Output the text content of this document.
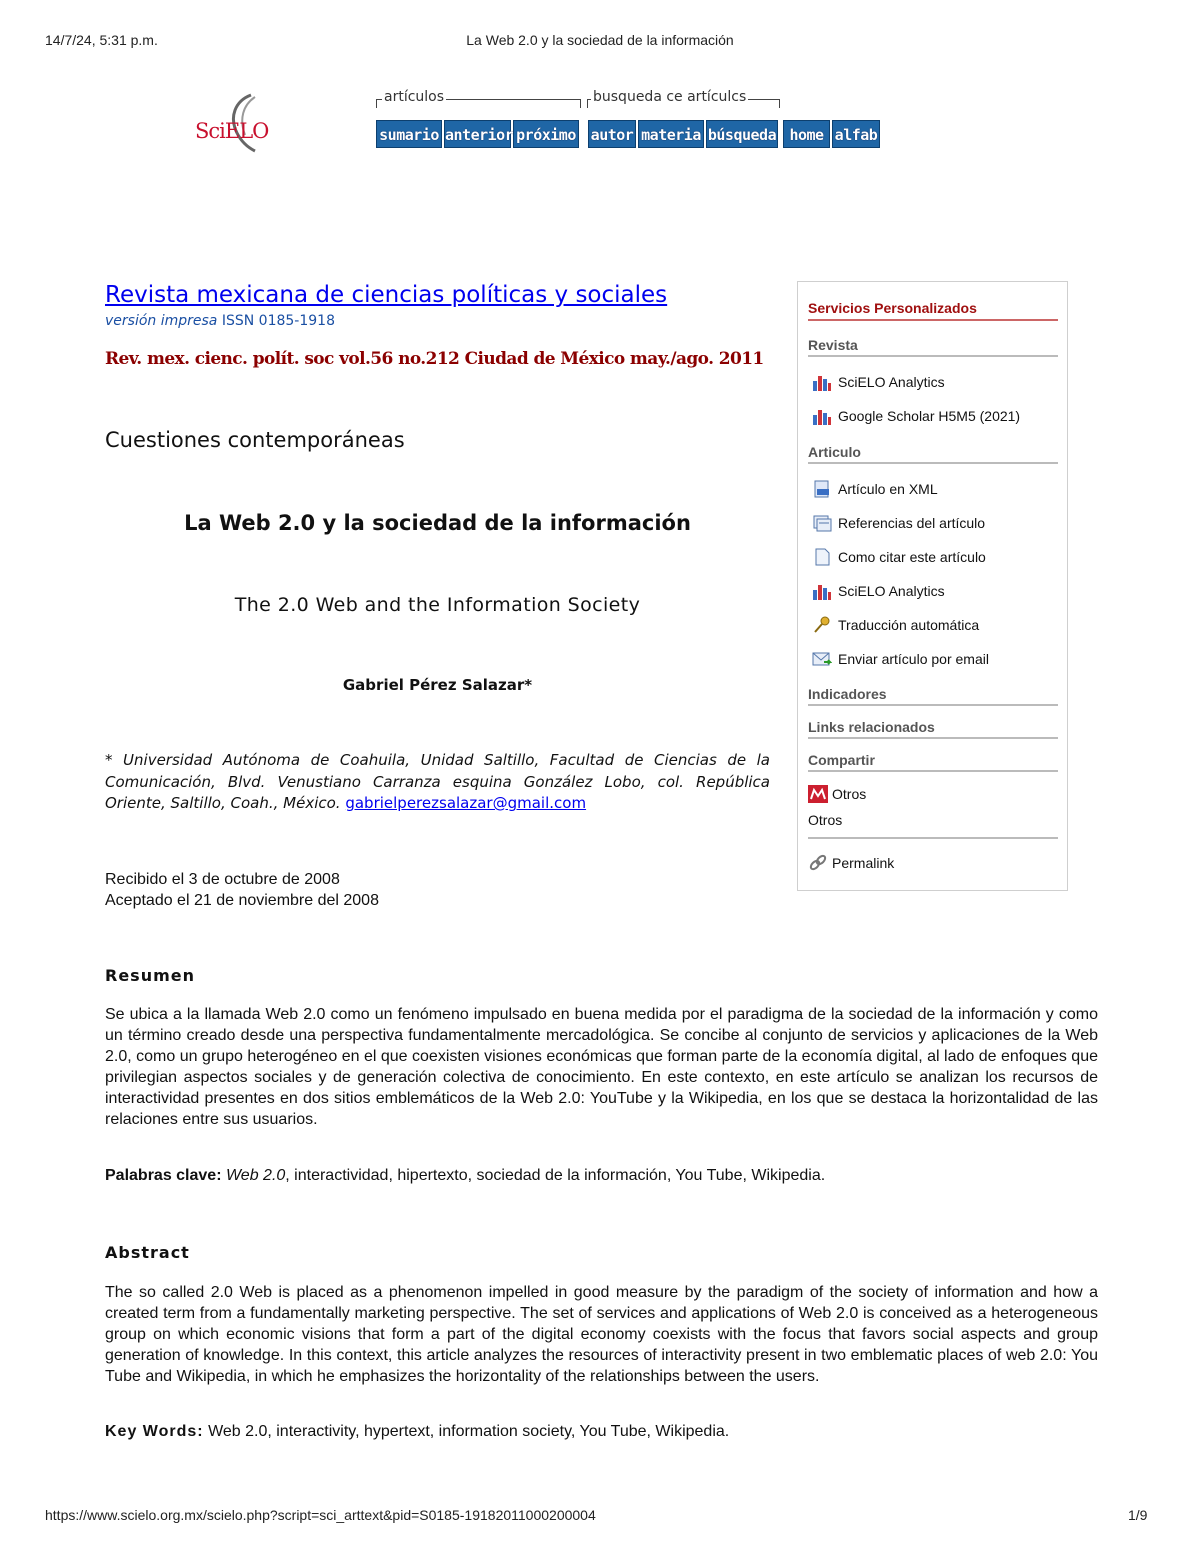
14/7/24, 5:31 p.m.	La Web 2.0 y la sociedad de la información
SciELO
artículos	busqueda ce artículcs
sumario anterior próximo autor materia búsqueda home alfab
Revista mexicana de ciencias políticas y sociales
versión impresa ISSN 0185-1918
Rev. mex. cienc. polít. soc vol.56 no.212 Ciudad de México may./ago. 2011
Cuestiones contemporáneas
La Web 2.0 y la sociedad de la información
The 2.0 Web and the Information Society
Gabriel Pérez Salazar*
* Universidad Autónoma de Coahuila, Unidad Saltillo, Facultad de Ciencias de la Comunicación, Blvd. Venustiano Carranza esquina González Lobo, col. República Oriente, Saltillo, Coah., México. gabrielperezsalazar@gmail.com
Recibido el 3 de octubre de 2008
Aceptado el 21 de noviembre del 2008
Resumen

Se ubica a la llamada Web 2.0 como un fenómeno impulsado en buena medida por el paradigma de la sociedad de la información y como un término creado desde una perspectiva fundamentalmente mercadológica. Se concibe al conjunto de servicios y aplicaciones de la Web 2.0, como un grupo heterogéneo en el que coexisten visiones económicas que forman parte de la economía digital, al lado de enfoques que privilegian aspectos sociales y de generación colectiva de conocimiento. En este contexto, en este artículo se analizan los recursos de interactividad presentes en dos sitios emblemáticos de la Web 2.0: YouTube y la Wikipedia, en los que se destaca la horizontalidad de las relaciones entre sus usuarios.

Palabras clave: Web 2.0, interactividad, hipertexto, sociedad de la información, You Tube, Wikipedia.
Abstract

The so called 2.0 Web is placed as a phenomenon impelled in good measure by the paradigm of the society of information and how a created term from a fundamentally marketing perspective. The set of services and applications of Web 2.0 is conceived as a heterogeneous group on which economic visions that form a part of the digital economy coexists with the focus that favors social aspects and group generation of knowledge. In this context, this article analyzes the resources of interactivity present in two emblematic places of web 2.0: You Tube and Wikipedia, in which he emphasizes the horizontality of the relationships between the users.

Key Words: Web 2.0, interactivity, hypertext, information society, You Tube, Wikipedia.
Servicios Personalizados
Revista
SciELO Analytics
Google Scholar H5M5 (2021)
Articulo
Artículo en XML
Referencias del artículo
Como citar este artículo
SciELO Analytics
Traducción automática
Enviar artículo por email
Indicadores
Links relacionados
Compartir
Otros
Otros
Permalink
https://www.scielo.org.mx/scielo.php?script=sci_arttext&pid=S0185-19182011000200004	1/9
